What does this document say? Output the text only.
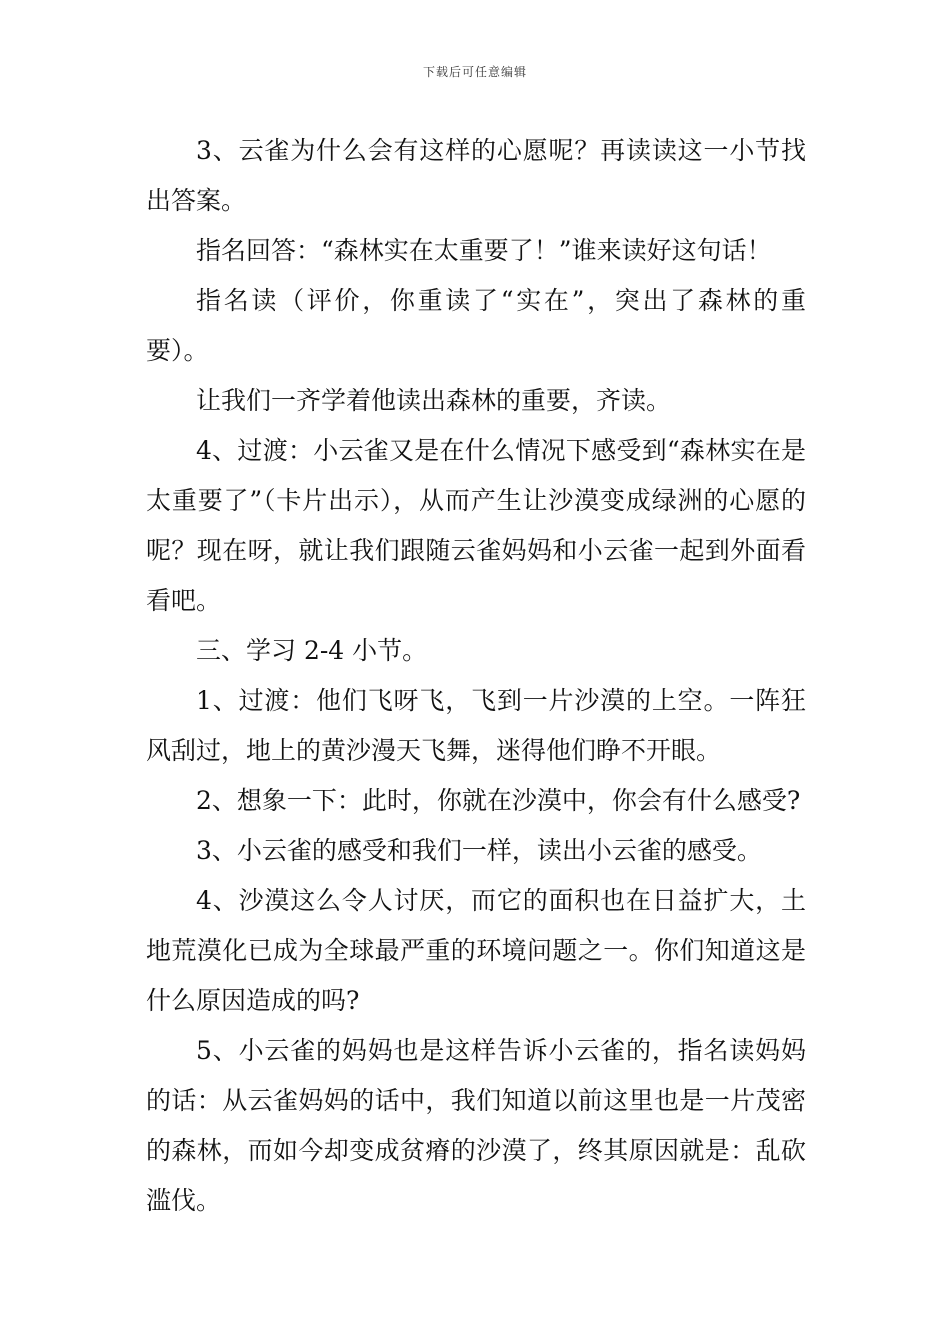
下载后可任意编辑

3、云雀为什么会有这样的心愿呢？再读读这一小节找出答案。

指名回答：“森林实在太重要了！”谁来读好这句话！

指名读（评价，你重读了“实在”，突出了森林的重要）。

让我们一齐学着他读出森林的重要，齐读。

4、过渡：小云雀又是在什么情况下感受到“森林实在是太重要了”（卡片出示），从而产生让沙漠变成绿洲的心愿的呢？现在呀，就让我们跟随云雀妈妈和小云雀一起到外面看看吧。

三、学习 2-4 小节。

1、过渡：他们飞呀飞，飞到一片沙漠的上空。一阵狂风刮过，地上的黄沙漫天飞舞，迷得他们睁不开眼。

2、想象一下：此时，你就在沙漠中，你会有什么感受?

3、小云雀的感受和我们一样，读出小云雀的感受。

4、沙漠这么令人讨厌，而它的面积也在日益扩大，土地荒漠化已成为全球最严重的环境问题之一。你们知道这是什么原因造成的吗?

5、小云雀的妈妈也是这样告诉小云雀的，指名读妈妈的话：从云雀妈妈的话中，我们知道以前这里也是一片茂密的森林，而如今却变成贫瘠的沙漠了，终其原因就是：乱砍滥伐。
